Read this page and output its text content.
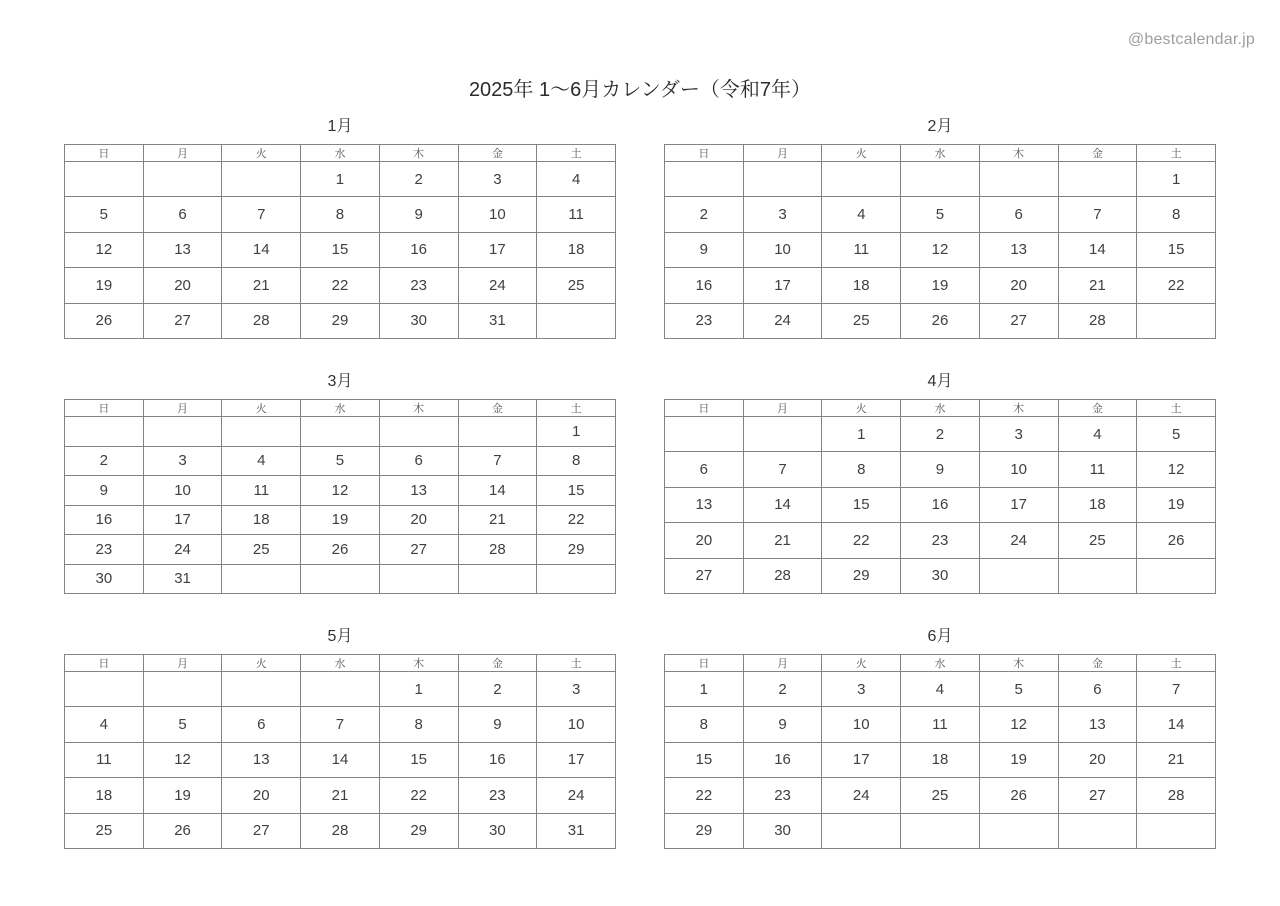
@bestcalendar.jp
2025年 1〜6月カレンダー（令和7年）
1月
日	月	火	水	木	金	土
			1	2	3	4
5	6	7	8	9	10	11
12	13	14	15	16	17	18
19	20	21	22	23	24	25
26	27	28	29	30	31	
2月
日	月	火	水	木	金	土
						1
2	3	4	5	6	7	8
9	10	11	12	13	14	15
16	17	18	19	20	21	22
23	24	25	26	27	28	
3月
日	月	火	水	木	金	土
						1
2	3	4	5	6	7	8
9	10	11	12	13	14	15
16	17	18	19	20	21	22
23	24	25	26	27	28	29
30	31					
4月
日	月	火	水	木	金	土
		1	2	3	4	5
6	7	8	9	10	11	12
13	14	15	16	17	18	19
20	21	22	23	24	25	26
27	28	29	30			
5月
日	月	火	水	木	金	土
				1	2	3
4	5	6	7	8	9	10
11	12	13	14	15	16	17
18	19	20	21	22	23	24
25	26	27	28	29	30	31
6月
日	月	火	水	木	金	土
1	2	3	4	5	6	7
8	9	10	11	12	13	14
15	16	17	18	19	20	21
22	23	24	25	26	27	28
29	30					
